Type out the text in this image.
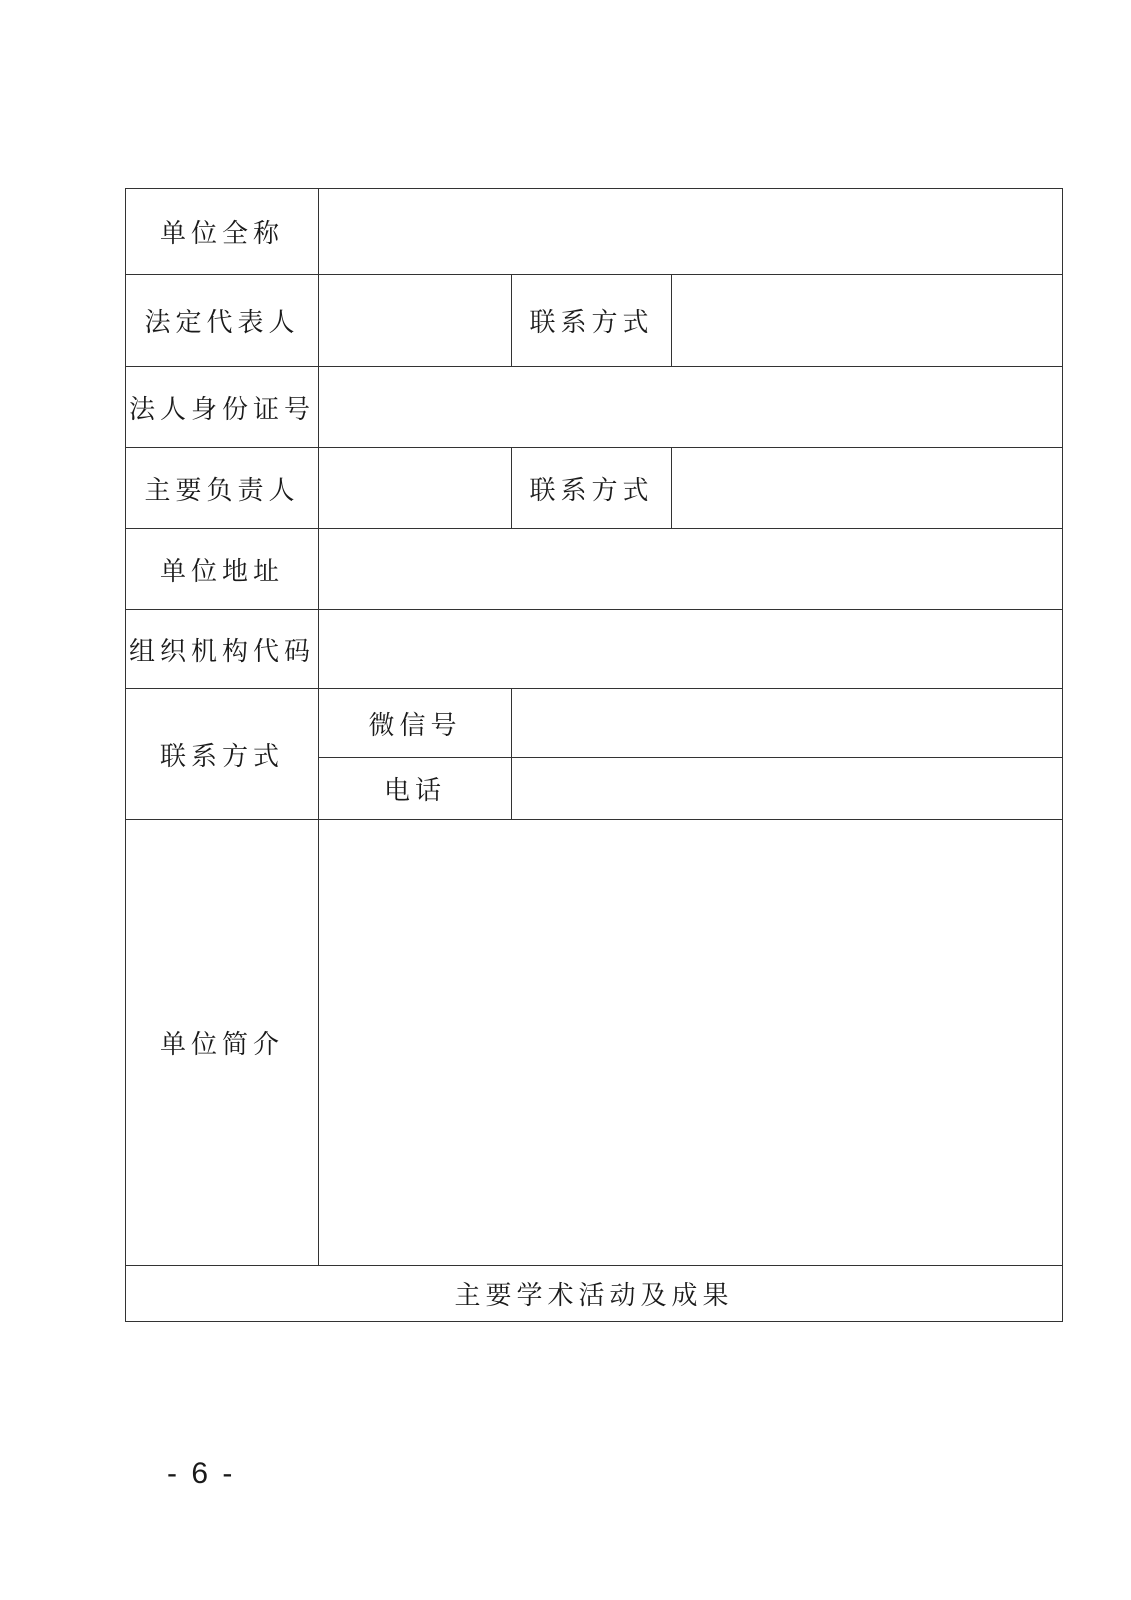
单位全称			
法定代表人		联系方式	
法人身份证号			
主要负责人		联系方式	
单位地址			
组织机构代码			
联系方式	微信号		
	电话		
单位简介			
主要学术活动及成果			
- 6 -
